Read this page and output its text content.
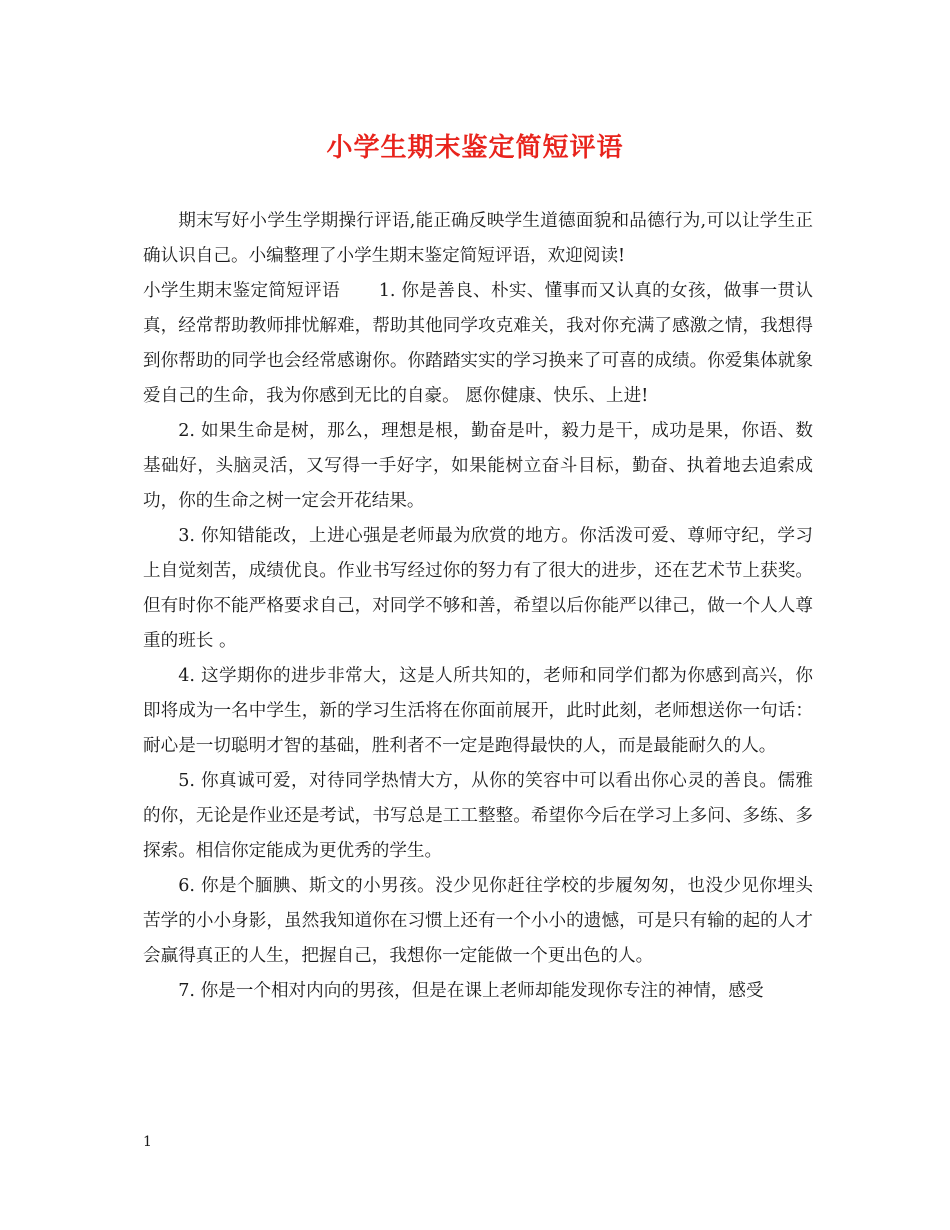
小学生期末鉴定简短评语

期末写好小学生学期操行评语,能正确反映学生道德面貌和品德行为,可以让学生正确认识自己。小编整理了小学生期末鉴定简短评语，欢迎阅读!

小学生期末鉴定简短评语 1. 你是善良、朴实、懂事而又认真的女孩，做事一贯认真，经常帮助教师排忧解难，帮助其他同学攻克难关，我对你充满了感激之情，我想得到你帮助的同学也会经常感谢你。你踏踏实实的学习换来了可喜的成绩。你爱集体就象爱自己的生命，我为你感到无比的自豪。 愿你健康、快乐、上进!

2. 如果生命是树，那么，理想是根，勤奋是叶，毅力是干，成功是果，你语、数基础好，头脑灵活，又写得一手好字，如果能树立奋斗目标，勤奋、执着地去追索成功，你的生命之树一定会开花结果。

3. 你知错能改，上进心强是老师最为欣赏的地方。你活泼可爱、尊师守纪，学习上自觉刻苦，成绩优良。作业书写经过你的努力有了很大的进步，还在艺术节上获奖。但有时你不能严格要求自己，对同学不够和善，希望以后你能严以律己，做一个人人尊重的班长 。

4. 这学期你的进步非常大，这是人所共知的，老师和同学们都为你感到高兴，你即将成为一名中学生，新的学习生活将在你面前展开，此时此刻，老师想送你一句话：耐心是一切聪明才智的基础，胜利者不一定是跑得最快的人，而是最能耐久的人。

5. 你真诚可爱，对待同学热情大方，从你的笑容中可以看出你心灵的善良。儒雅的你，无论是作业还是考试，书写总是工工整整。希望你今后在学习上多问、多练、多探索。相信你定能成为更优秀的学生。

6. 你是个腼腆、斯文的小男孩。没少见你赶往学校的步履匆匆，也没少见你埋头苦学的小小身影，虽然我知道你在习惯上还有一个小小的遗憾，可是只有输的起的人才会赢得真正的人生，把握自己，我想你一定能做一个更出色的人。

7. 你是一个相对内向的男孩，但是在课上老师却能发现你专注的神情，感受

1
